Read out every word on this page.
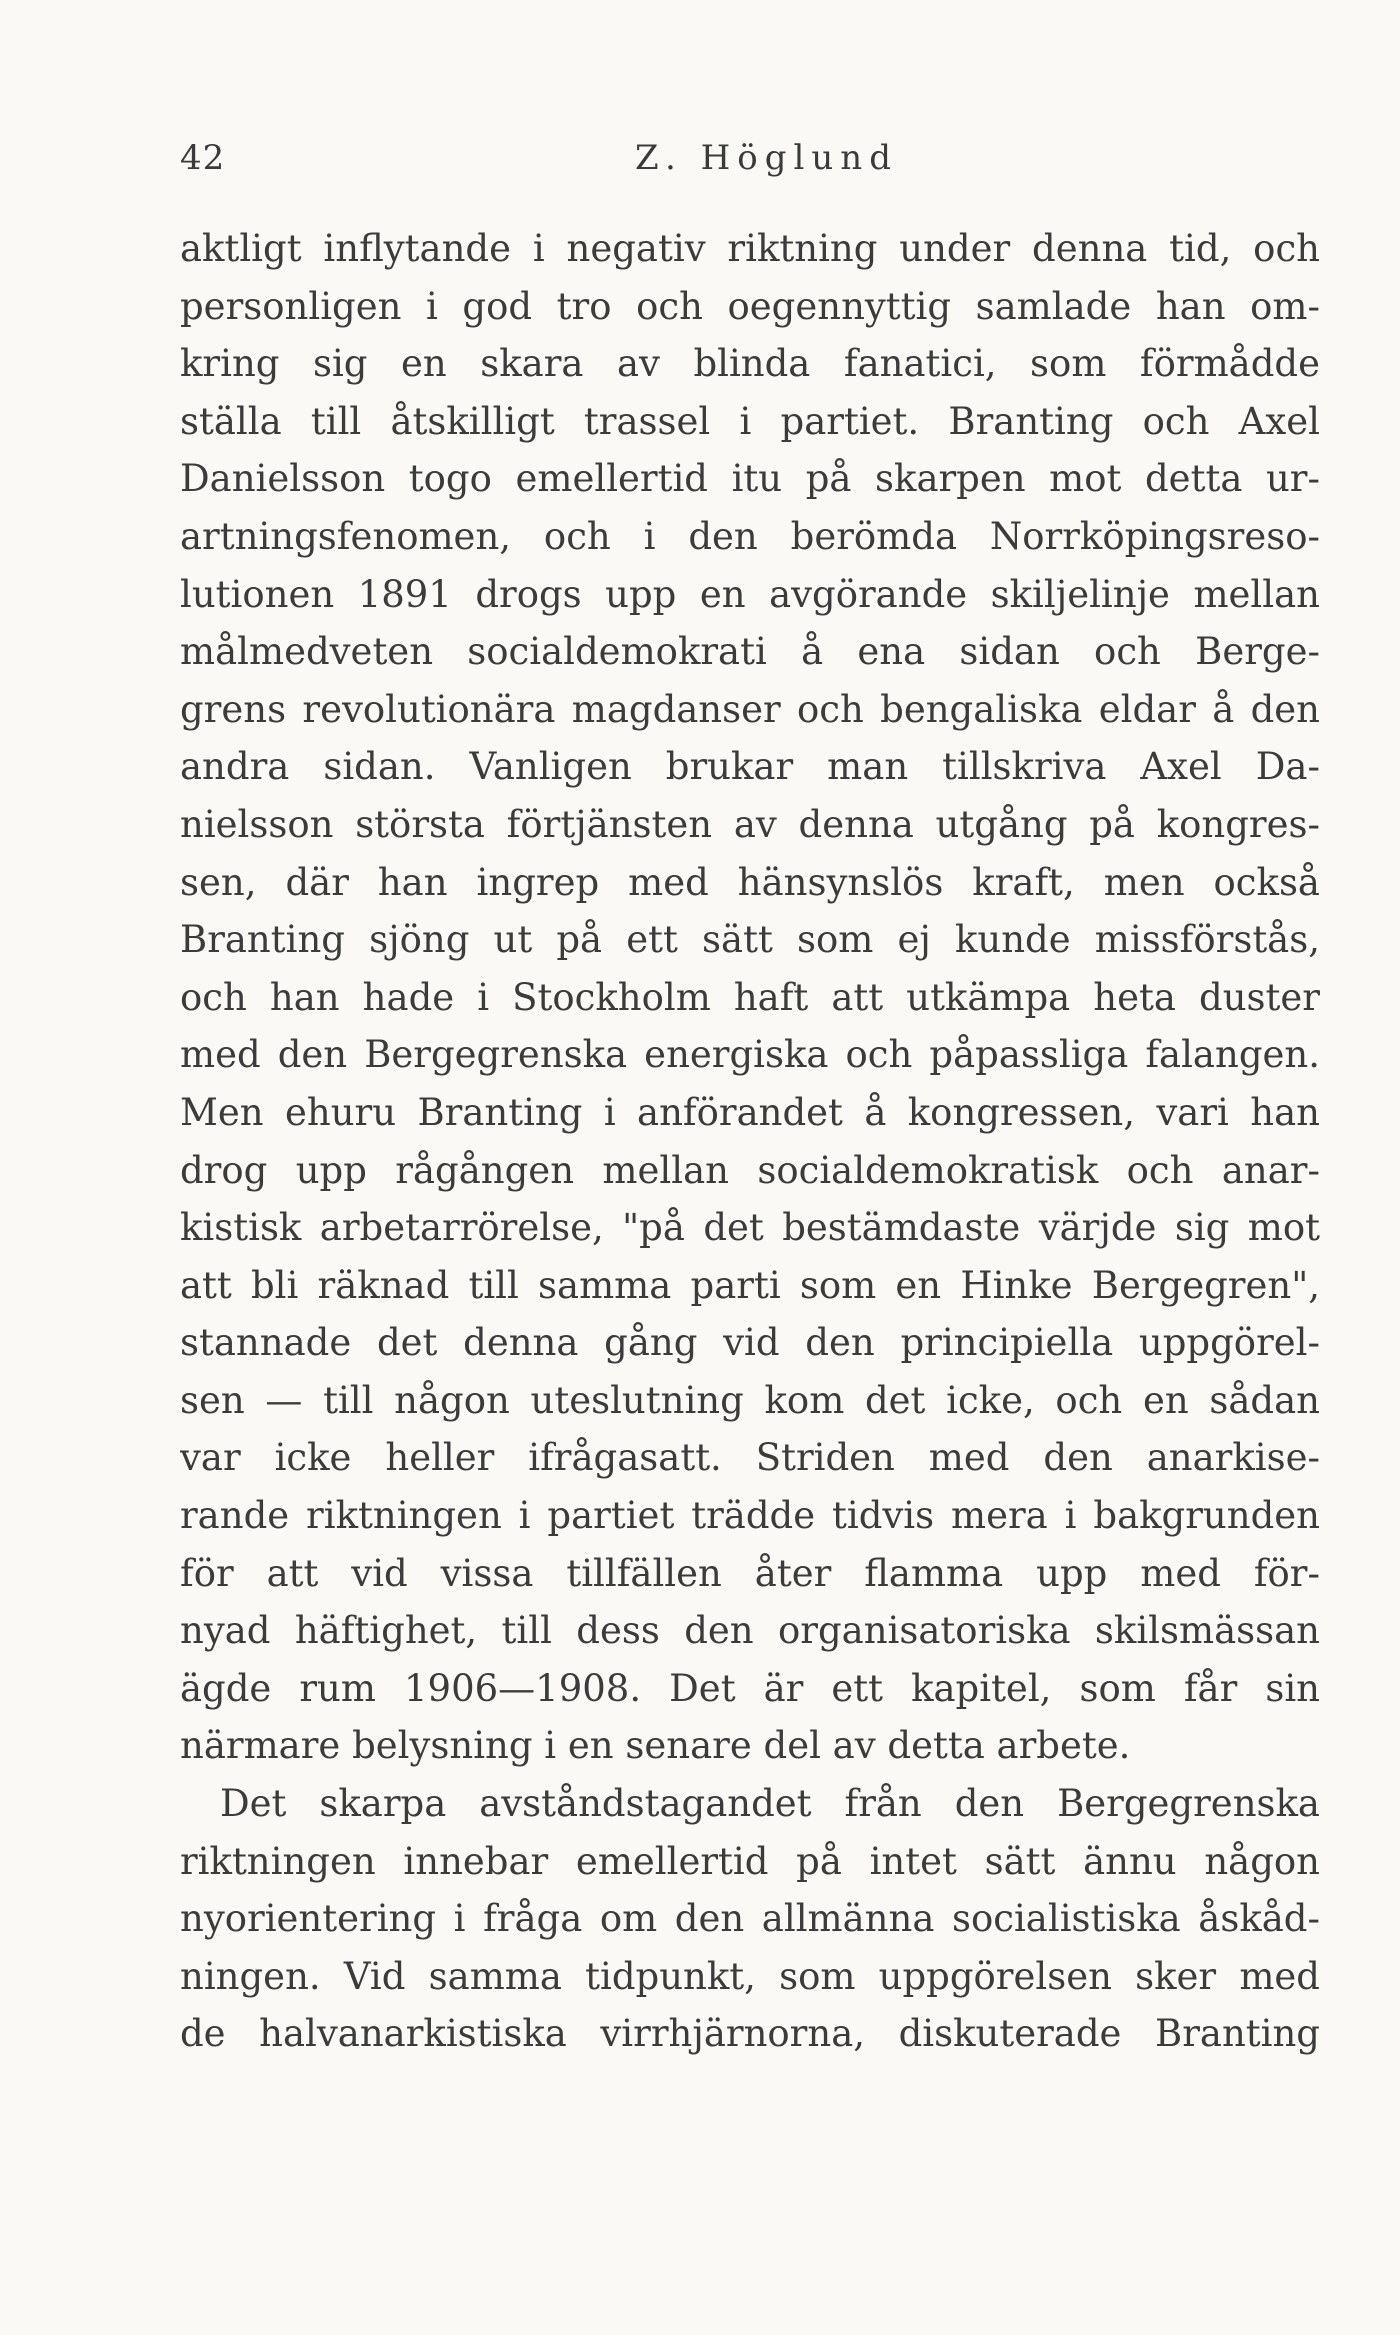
42	Z. Höglund
aktligt inflytande i negativ riktning under denna tid, och
personligen i god tro och oegennyttig samlade han om-
kring sig en skara av blinda fanatici, som förmådde
ställa till åtskilligt trassel i partiet. Branting och Axel
Danielsson togo emellertid itu på skarpen mot detta ur-
artningsfenomen, och i den berömda Norrköpingsreso-
lutionen 1891 drogs upp en avgörande skiljelinje mellan
målmedveten socialdemokrati å ena sidan och Berge-
grens revolutionära magdanser och bengaliska eldar å den
andra sidan. Vanligen brukar man tillskriva Axel Da-
nielsson största förtjänsten av denna utgång på kongres-
sen, där han ingrep med hänsynslös kraft, men också
Branting sjöng ut på ett sätt som ej kunde missförstås,
och han hade i Stockholm haft att utkämpa heta duster
med den Bergegrenska energiska och påpassliga falangen.
Men ehuru Branting i anförandet å kongressen, vari han
drog upp rågången mellan socialdemokratisk och anar-
kistisk arbetarrörelse, "på det bestämdaste värjde sig mot
att bli räknad till samma parti som en Hinke Bergegren",
stannade det denna gång vid den principiella uppgörel-
sen — till någon uteslutning kom det icke, och en sådan
var icke heller ifrågasatt. Striden med den anarkise-
rande riktningen i partiet trädde tidvis mera i bakgrunden
för att vid vissa tillfällen åter flamma upp med för-
nyad häftighet, till dess den organisatoriska skilsmässan
ägde rum 1906—1908. Det är ett kapitel, som får sin
närmare belysning i en senare del av detta arbete.
Det skarpa avståndstagandet från den Bergegrenska
riktningen innebar emellertid på intet sätt ännu någon
nyorientering i fråga om den allmänna socialistiska åskåd-
ningen. Vid samma tidpunkt, som uppgörelsen sker med
de halvanarkistiska virrhjärnorna, diskuterade Branting
